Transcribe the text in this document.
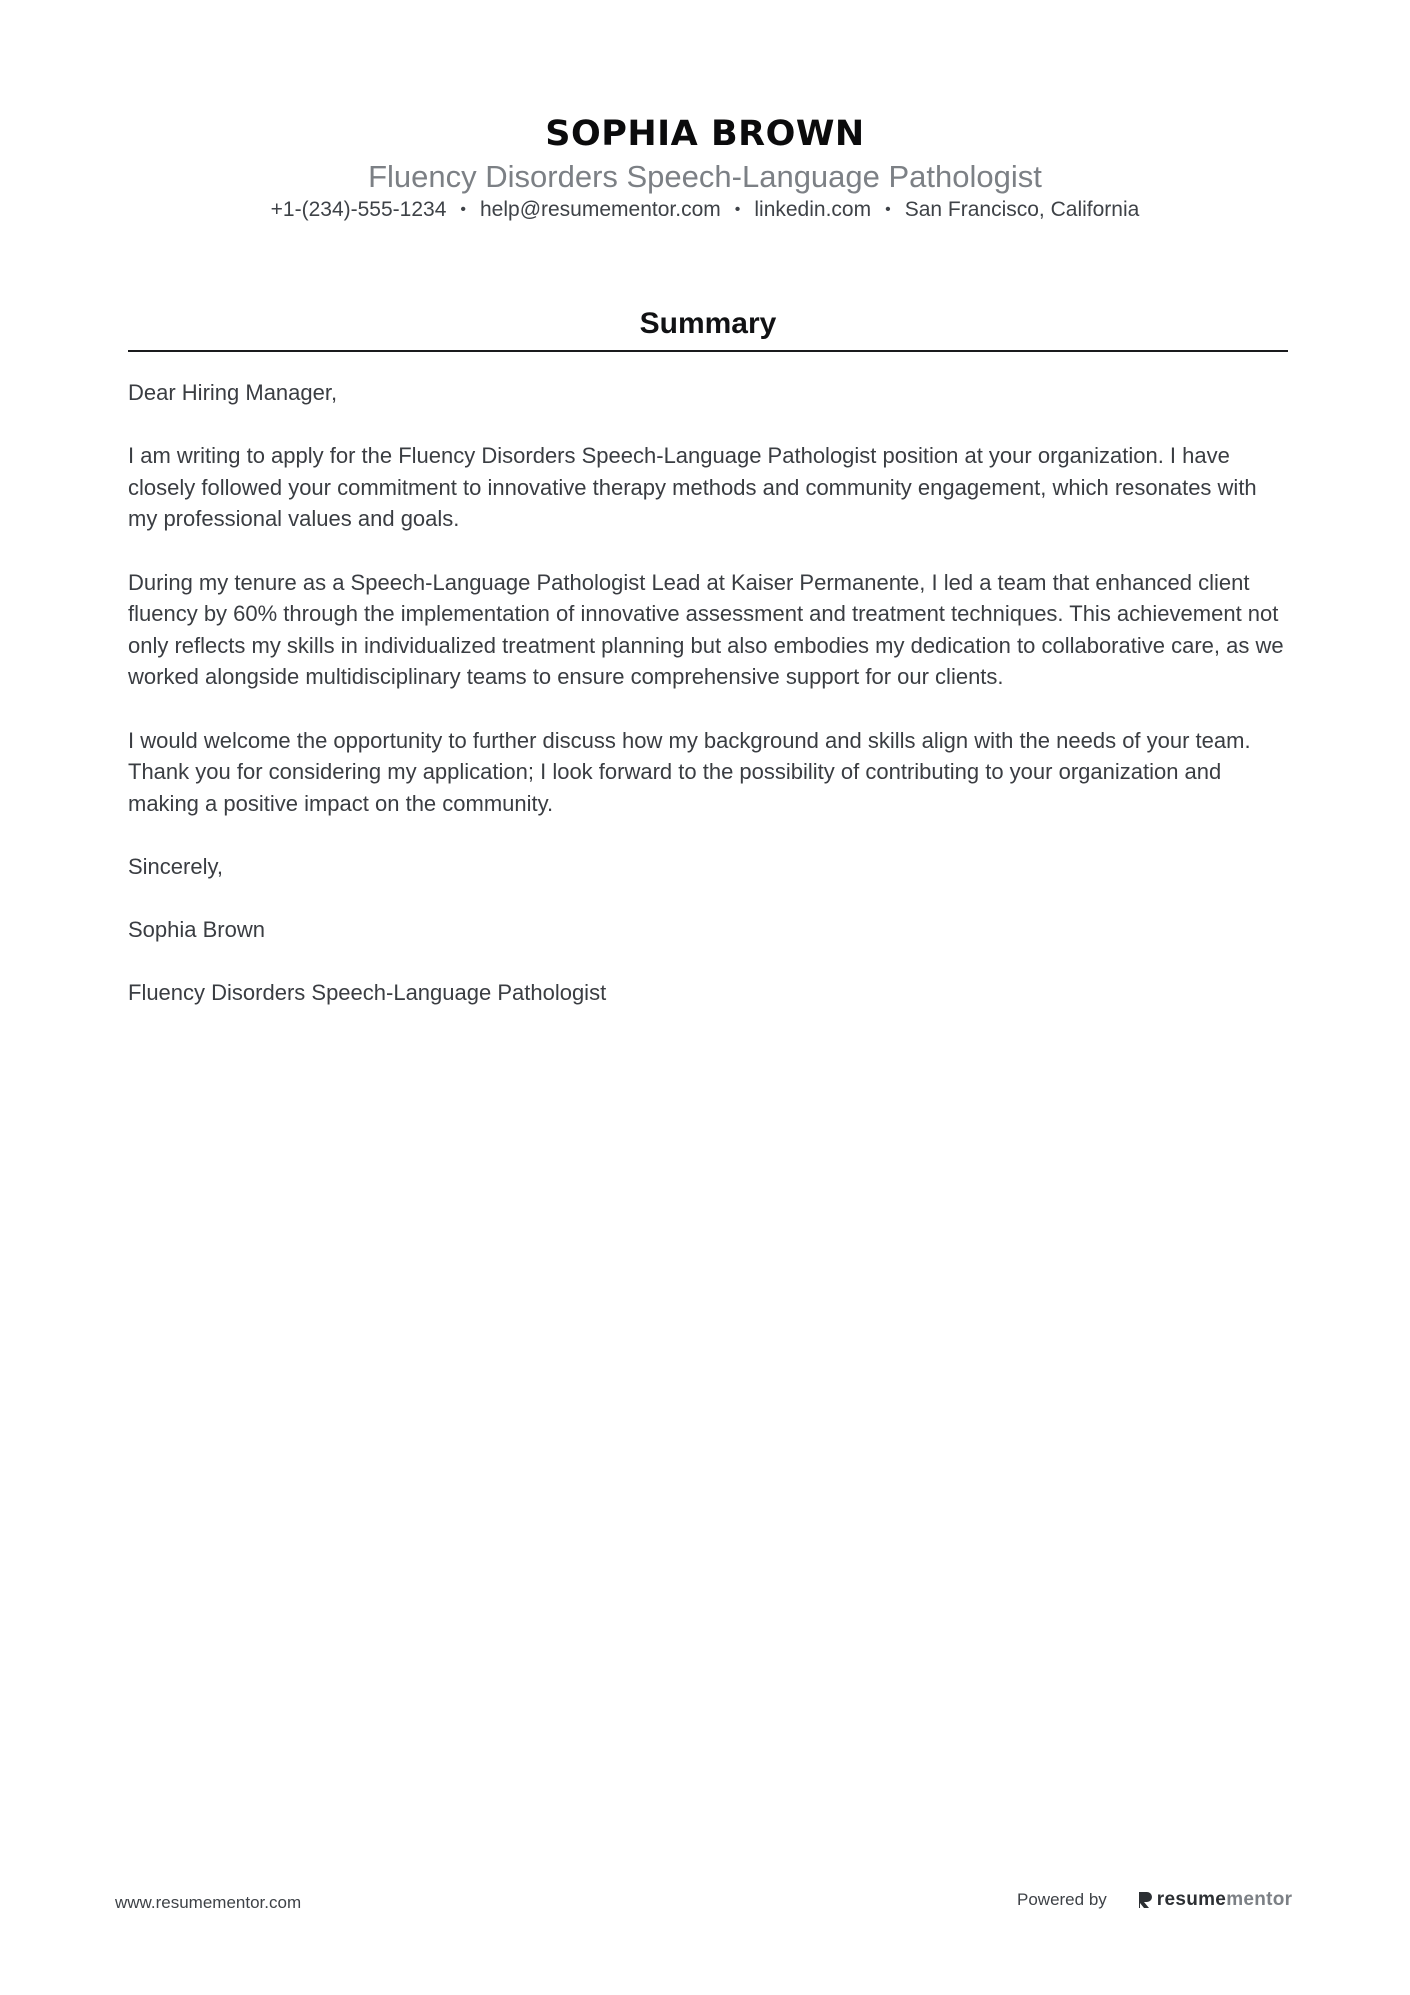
SOPHIA BROWN
Fluency Disorders Speech-Language Pathologist
+1-(234)-555-1234 • help@resumementor.com • linkedin.com • San Francisco, California
Summary

Dear Hiring Manager,

I am writing to apply for the Fluency Disorders Speech-Language Pathologist position at your organization. I have closely followed your commitment to innovative therapy methods and community engagement, which resonates with my professional values and goals.

During my tenure as a Speech-Language Pathologist Lead at Kaiser Permanente, I led a team that enhanced client fluency by 60% through the implementation of innovative assessment and treatment techniques. This achievement not only reflects my skills in individualized treatment planning but also embodies my dedication to collaborative care, as we worked alongside multidisciplinary teams to ensure comprehensive support for our clients.

I would welcome the opportunity to further discuss how my background and skills align with the needs of your team. Thank you for considering my application; I look forward to the possibility of contributing to your organization and making a positive impact on the community.

Sincerely,

Sophia Brown

Fluency Disorders Speech-Language Pathologist

www.resumementor.com	Powered by	resume mentor
